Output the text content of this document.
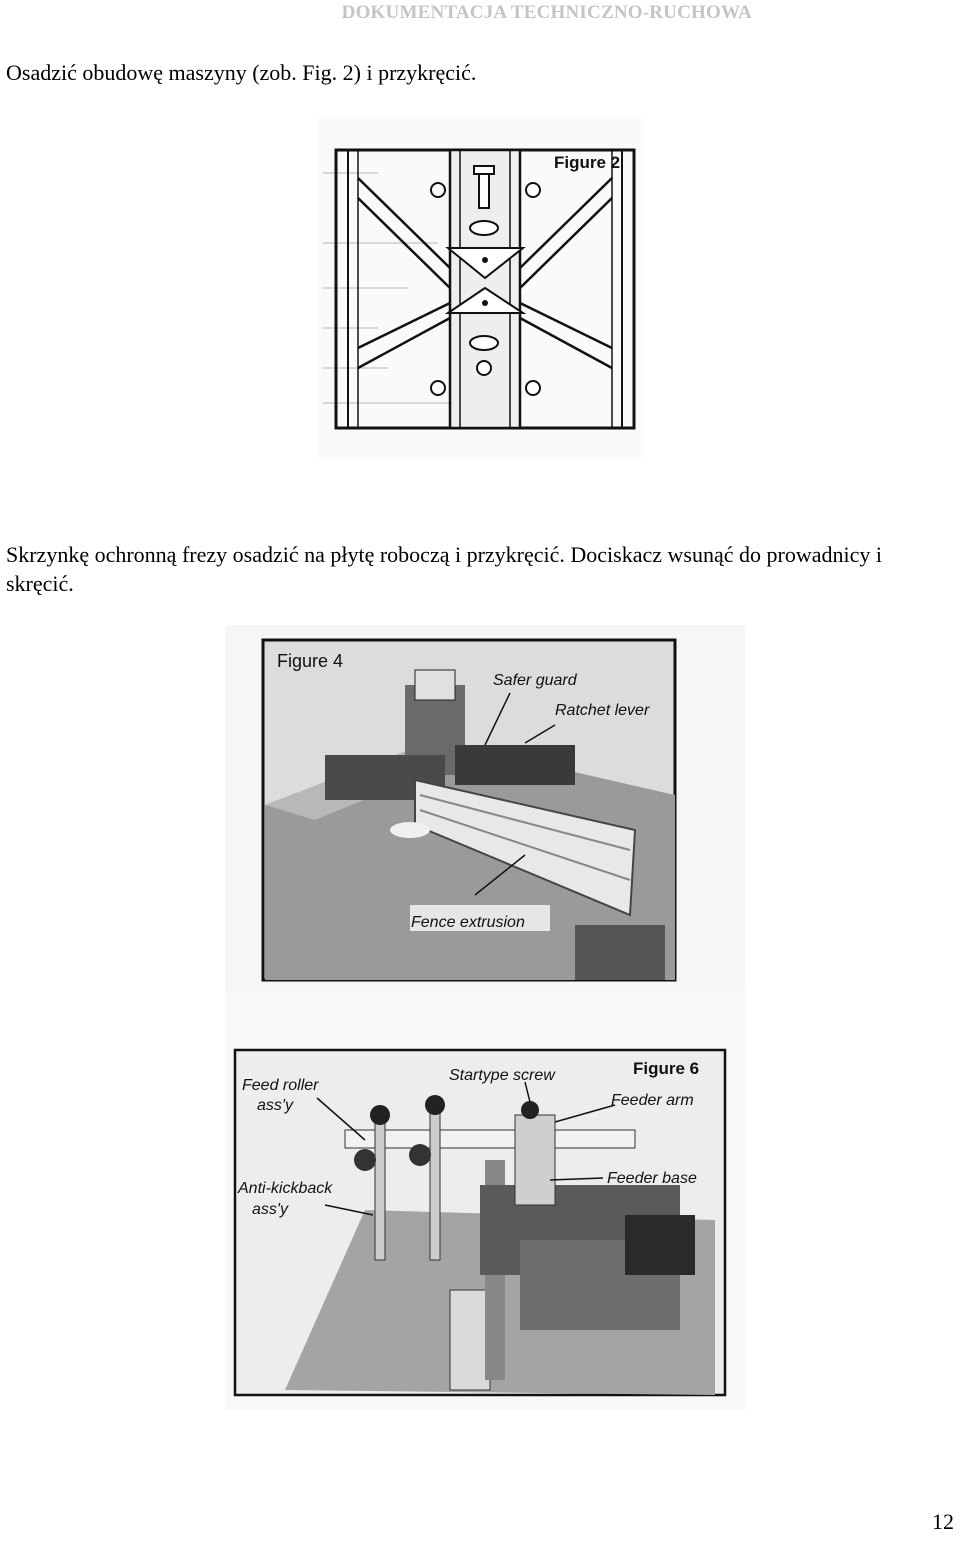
DOKUMENTACJA TECHNICZNO-RUCHOWA
Osadzić obudowę maszyny (zob. Fig. 2) i przykręcić.
Figure 2
Skrzynkę ochronną frezy osadzić na płytę roboczą i przykręcić. Dociskacz wsunąć do prowadnicy i skręcić.
Figure 4
Safer guard
Ratchet lever
Fence extrusion
Figure 6
Feed roller
ass'y
Startype screw
Feeder arm
Feeder base
Anti-kickback
ass'y
12
